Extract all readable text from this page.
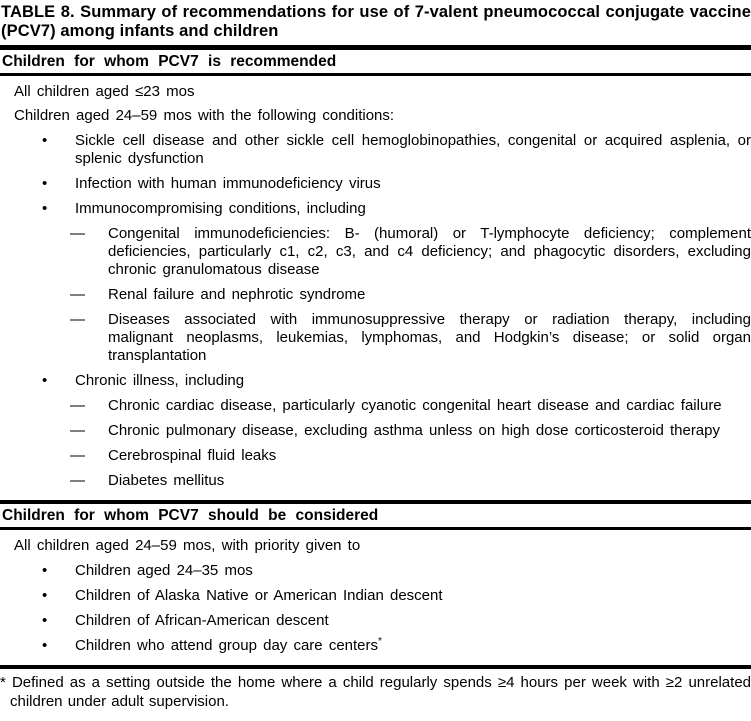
TABLE 8. Summary of recommendations for use of 7-valent pneumococcal conjugate vaccine (PCV7) among infants and children
Children for whom PCV7 is recommended
All children aged ≤23 mos
Children aged 24–59 mos with the following conditions:
• Sickle cell disease and other sickle cell hemoglobinopathies, congenital or acquired asplenia, or splenic dysfunction
• Infection with human immunodeficiency virus
• Immunocompromising conditions, including
— Congenital immunodeficiencies: B- (humoral) or T-lymphocyte deficiency; complement deficiencies, particularly c1, c2, c3, and c4 deficiency; and phagocytic disorders, excluding chronic granulomatous disease
— Renal failure and nephrotic syndrome
— Diseases associated with immunosuppressive therapy or radiation therapy, including malignant neoplasms, leukemias, lymphomas, and Hodgkin’s disease; or solid organ transplantation
• Chronic illness, including
— Chronic cardiac disease, particularly cyanotic congenital heart disease and cardiac failure
— Chronic pulmonary disease, excluding asthma unless on high dose corticosteroid therapy
— Cerebrospinal fluid leaks
— Diabetes mellitus
Children for whom PCV7 should be considered
All children aged 24–59 mos, with priority given to
• Children aged 24–35 mos
• Children of Alaska Native or American Indian descent
• Children of African-American descent
• Children who attend group day care centers*
* Defined as a setting outside the home where a child regularly spends ≥4 hours per week with ≥2 unrelated children under adult supervision.
